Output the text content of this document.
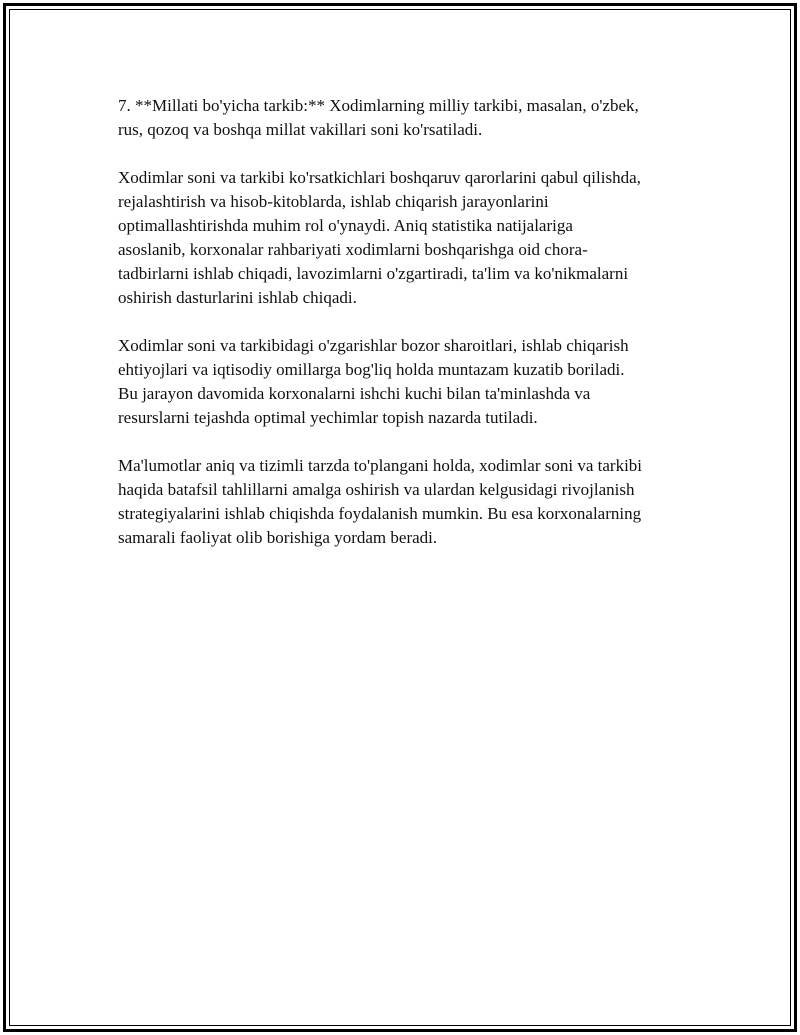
7. **Millati bo'yicha tarkib:** Xodimlarning milliy tarkibi, masalan, o'zbek,
rus, qozoq va boshqa millat vakillari soni ko'rsatiladi.

Xodimlar soni va tarkibi ko'rsatkichlari boshqaruv qarorlarini qabul qilishda,
rejalashtirish va hisob-kitoblarda, ishlab chiqarish jarayonlarini
optimallashtirishda muhim rol o'ynaydi. Aniq statistika natijalariga
asoslanib, korxonalar rahbariyati xodimlarni boshqarishga oid chora-
tadbirlarni ishlab chiqadi, lavozimlarni o'zgartiradi, ta'lim va ko'nikmalarni
oshirish dasturlarini ishlab chiqadi.

Xodimlar soni va tarkibidagi o'zgarishlar bozor sharoitlari, ishlab chiqarish
ehtiyojlari va iqtisodiy omillarga bog'liq holda muntazam kuzatib boriladi.
Bu jarayon davomida korxonalarni ishchi kuchi bilan ta'minlashda va
resurslarni tejashda optimal yechimlar topish nazarda tutiladi.

Ma'lumotlar aniq va tizimli tarzda to'plangani holda, xodimlar soni va tarkibi
haqida batafsil tahlillarni amalga oshirish va ulardan kelgusidagi rivojlanish
strategiyalarini ishlab chiqishda foydalanish mumkin. Bu esa korxonalarning
samarali faoliyat olib borishiga yordam beradi.
